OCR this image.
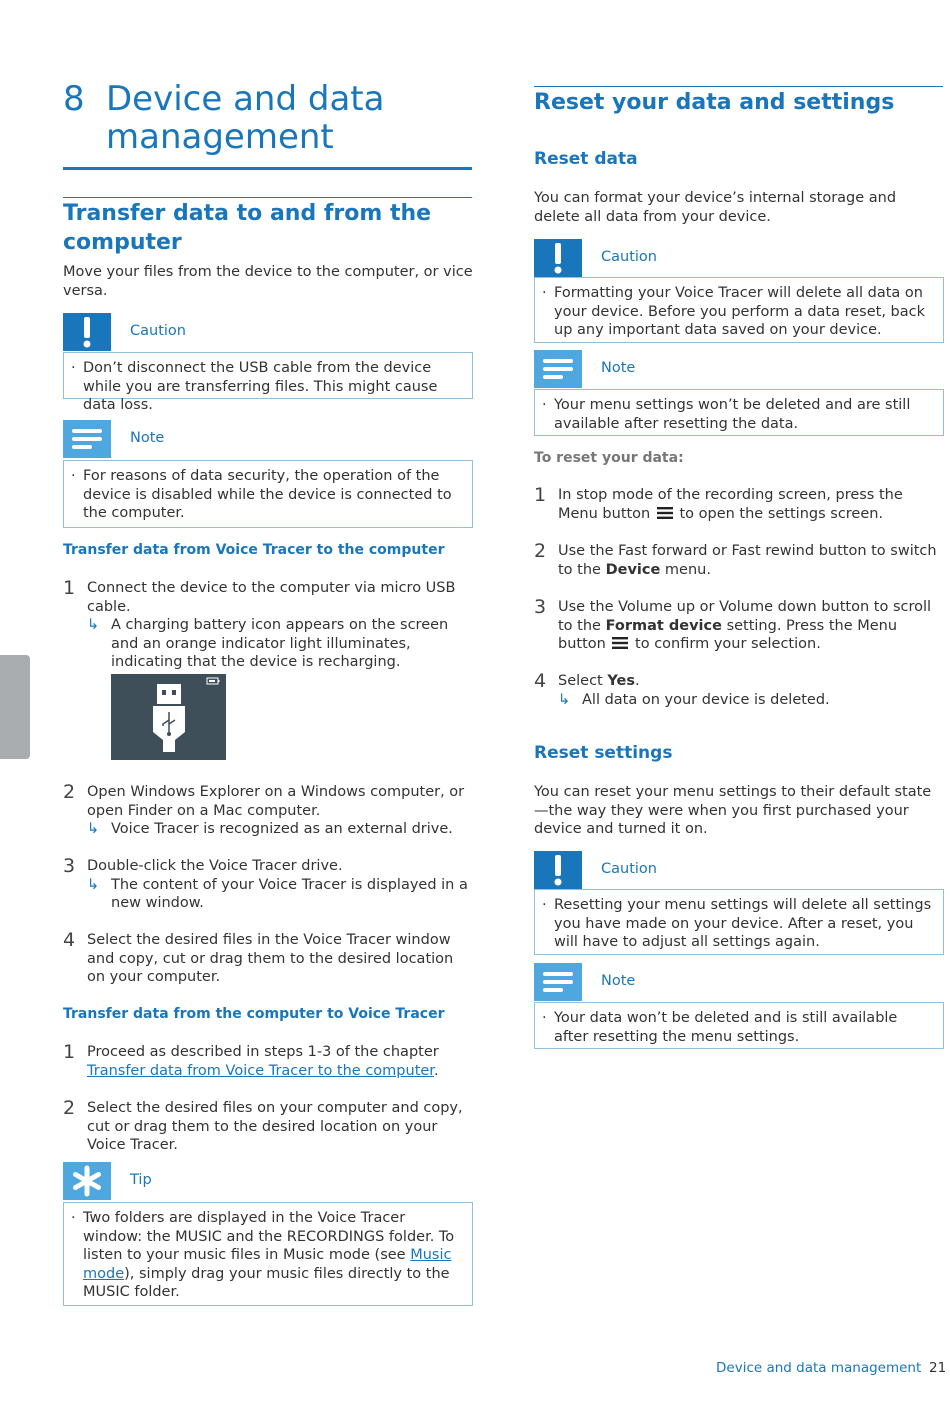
8 Device and data management
Transfer data to and from the computer

Move your files from the device to the computer, or vice versa.

Caution
· Don’t disconnect the USB cable from the device while you are transferring files. This might cause data loss.
Note
· For reasons of data security, the operation of the device is disabled while the device is connected to the computer.
Transfer data from Voice Tracer to the computer
1 Connect the device to the computer via micro USB cable.
↳ A charging battery icon appears on the screen and an orange indicator light illuminates, indicating that the device is recharging.
2 Open Windows Explorer on a Windows computer, or open Finder on a Mac computer.
↳ Voice Tracer is recognized as an external drive.
3 Double-click the Voice Tracer drive.
↳ The content of your Voice Tracer is displayed in a new window.
4 Select the desired files in the Voice Tracer window and copy, cut or drag them to the desired location on your computer.
Transfer data from the computer to Voice Tracer
1 Proceed as described in steps 1-3 of the chapter Transfer data from Voice Tracer to the computer.
2 Select the desired files on your computer and copy, cut or drag them to the desired location on your Voice Tracer.
Tip
· Two folders are displayed in the Voice Tracer window: the MUSIC and the RECORDINGS folder. To listen to your music files in Music mode (see Music mode), simply drag your music files directly to the MUSIC folder.
Reset your data and settings
Reset data

You can format your device’s internal storage and delete all data from your device.

Caution
· Formatting your Voice Tracer will delete all data on your device. Before you perform a data reset, back up any important data saved on your device.
Note
· Your menu settings won’t be deleted and are still available after resetting the data.
To reset your data:
1 In stop mode of the recording screen, press the Menu button to open the settings screen.
2 Use the Fast forward or Fast rewind button to switch to the Device menu.
3 Use the Volume up or Volume down button to scroll to the Format device setting. Press the Menu button to confirm your selection.
4 Select Yes.
↳ All data on your device is deleted.
Reset settings

You can reset your menu settings to their default state—the way they were when you first purchased your device and turned it on.

Caution
· Resetting your menu settings will delete all settings you have made on your device. After a reset, you will have to adjust all settings again.
Note
· Your data won’t be deleted and is still available after resetting the menu settings.
Device and data management 21
